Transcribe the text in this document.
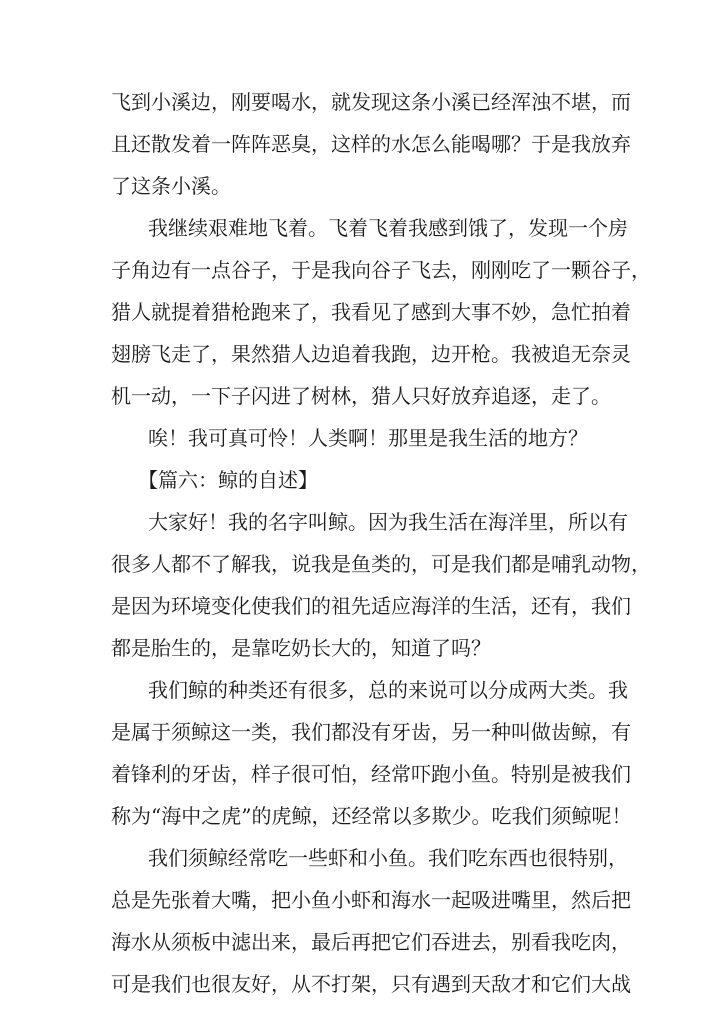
飞到小溪边，刚要喝水，就发现这条小溪已经浑浊不堪，而
且还散发着一阵阵恶臭，这样的水怎么能喝哪？于是我放弃
了这条小溪。
我继续艰难地飞着。飞着飞着我感到饿了，发现一个房
子角边有一点谷子，于是我向谷子飞去，刚刚吃了一颗谷子，
猎人就提着猎枪跑来了，我看见了感到大事不妙，急忙拍着
翅膀飞走了，果然猎人边追着我跑，边开枪。我被追无奈灵
机一动，一下子闪进了树林，猎人只好放弃追逐，走了。
唉！我可真可怜！人类啊！那里是我生活的地方？
【篇六：鲸的自述】
大家好！我的名字叫鲸。因为我生活在海洋里，所以有
很多人都不了解我，说我是鱼类的，可是我们都是哺乳动物，
是因为环境变化使我们的祖先适应海洋的生活，还有，我们
都是胎生的，是靠吃奶长大的，知道了吗？
我们鲸的种类还有很多，总的来说可以分成两大类。我
是属于须鲸这一类，我们都没有牙齿，另一种叫做齿鲸，有
着锋利的牙齿，样子很可怕，经常吓跑小鱼。特别是被我们
称为“海中之虎”的虎鲸，还经常以多欺少。吃我们须鲸呢！
我们须鲸经常吃一些虾和小鱼。我们吃东西也很特别，
总是先张着大嘴，把小鱼小虾和海水一起吸进嘴里，然后把
海水从须板中滤出来，最后再把它们吞进去，别看我吃肉，
可是我们也很友好，从不打架，只有遇到天敌才和它们大战
